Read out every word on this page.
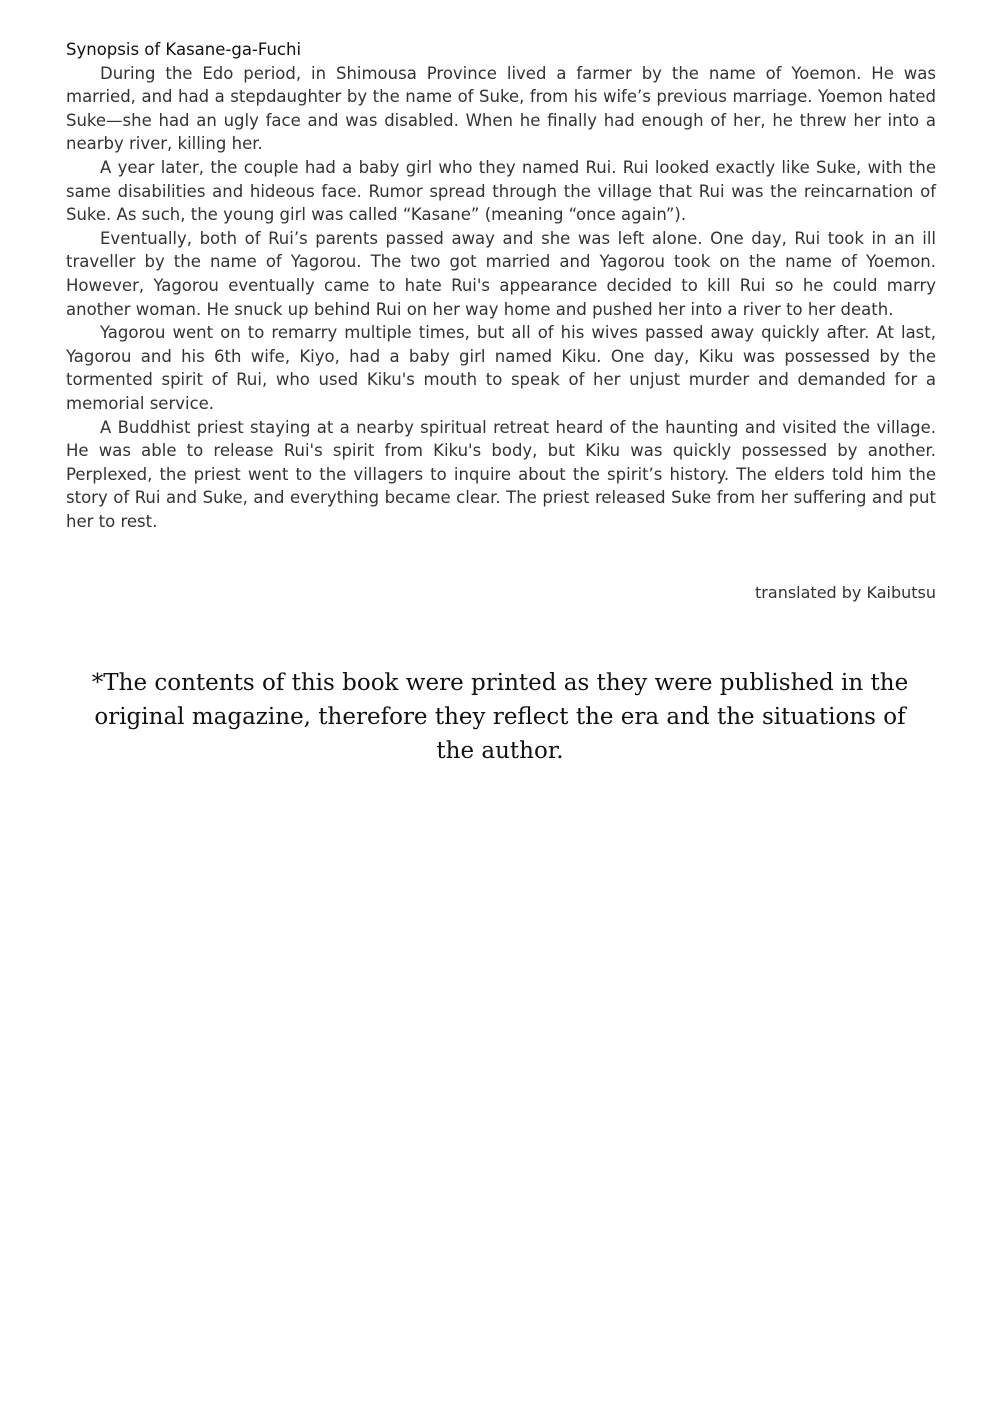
Synopsis of Kasane-ga-Fuchi

During the Edo period, in Shimousa Province lived a farmer by the name of Yoemon. He was married, and had a stepdaughter by the name of Suke, from his wife’s previous marriage. Yoemon hated Suke—she had an ugly face and was disabled. When he finally had enough of her, he threw her into a nearby river, killing her.

A year later, the couple had a baby girl who they named Rui. Rui looked exactly like Suke, with the same disabilities and hideous face. Rumor spread through the village that Rui was the reincarnation of Suke. As such, the young girl was called “Kasane” (meaning “once again”).

Eventually, both of Rui’s parents passed away and she was left alone. One day, Rui took in an ill traveller by the name of Yagorou. The two got married and Yagorou took on the name of Yoemon. However, Yagorou eventually came to hate Rui's appearance decided to kill Rui so he could marry another woman. He snuck up behind Rui on her way home and pushed her into a river to her death.

Yagorou went on to remarry multiple times, but all of his wives passed away quickly after. At last, Yagorou and his 6th wife, Kiyo, had a baby girl named Kiku. One day, Kiku was possessed by the tormented spirit of Rui, who used Kiku's mouth to speak of her unjust murder and demanded for a memorial service.

A Buddhist priest staying at a nearby spiritual retreat heard of the haunting and visited the village. He was able to release Rui's spirit from Kiku's body, but Kiku was quickly possessed by another. Perplexed, the priest went to the villagers to inquire about the spirit’s history. The elders told him the story of Rui and Suke, and everything became clear. The priest released Suke from her suffering and put her to rest.

translated by Kaibutsu

*The contents of this book were printed as they were published in the original magazine, therefore they reflect the era and the situations of the author.
